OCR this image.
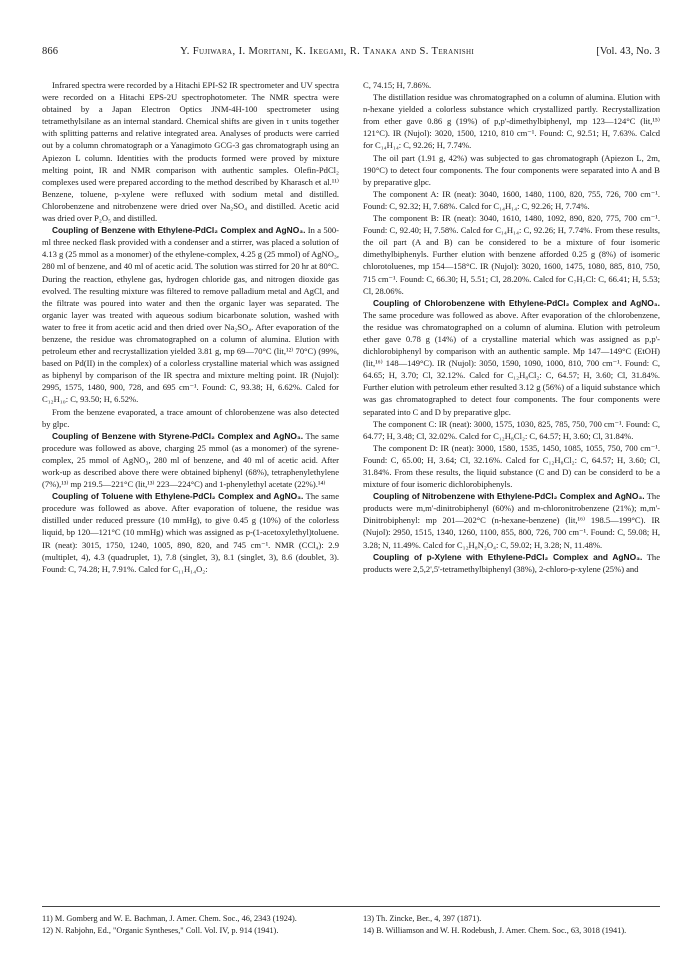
866	Y. Fujiwara, I. Moritani, K. Ikegami, R. Tanaka and S. Teranishi	[Vol. 43, No. 3

Infrared spectra were recorded by a Hitachi EPI-S2 IR spectrometer and UV spectra were recorded on a Hitachi EPS-2U spectrophotometer. The NMR spectra were obtained by a Japan Electron Optics JNM-4H-100 spectrometer using tetramethylsilane as an internal standard. Chemical shifts are given in τ units together with splitting patterns and relative integrated area. Analyses of products were carried out by a column chromatograph or a Yanagimoto GCG-3 gas chromatograph using an Apiezon L column. Identities with the products formed were proved by mixture melting point, IR and NMR comparison with authentic samples. Olefin-PdCl₂ complexes used were prepared according to the method described by Kharasch et al.¹¹⁾ Benzene, toluene, p-xylene were refluxed with sodium metal and distilled. Chlorobenzene and nitrobenzene were dried over Na₂SO₄ and distilled. Acetic acid was dried over P₂O₅ and distilled.

Coupling of Benzene with Ethylene-PdCl₂ Complex and AgNO₃. In a 500-ml three necked flask provided with a condenser and a stirrer, was placed a solution of 4.13 g (25 mmol as a monomer) of the ethylene-complex, 4.25 g (25 mmol) of AgNO₃, 280 ml of benzene, and 40 ml of acetic acid. The solution was stirred for 20 hr at 80°C. During the reaction, ethylene gas, hydrogen chloride gas, and nitrogen dioxide gas evolved. The resulting mixture was filtered to remove palladium metal and AgCl, and the filtrate was poured into water and then the organic layer was separated. The organic layer was treated with aqueous sodium bicarbonate solution, washed with water to free it from acetic acid and then dried over Na₂SO₄. After evaporation of the benzene, the residue was chromatographed on a column of alumina. Elution with petroleum ether and recrystallization yielded 3.81 g, mp 69—70°C (lit,¹²⁾ 70°C) (99%, based on Pd(II) in the complex) of a colorless crystalline material which was assigned as biphenyl by comparison of the IR spectra and mixture melting point. IR (Nujol): 2995, 1575, 1480, 900, 728, and 695 cm⁻¹. Found: C, 93.38; H, 6.62%. Calcd for C₁₂H₁₀: C, 93.50; H, 6.52%.

From the benzene evaporated, a trace amount of chlorobenzene was also detected by glpc.

Coupling of Benzene with Styrene-PdCl₂ Complex and AgNO₃. The same procedure was followed as above, charging 25 mmol (as a monomer) of the syrene-complex, 25 mmol of AgNO₃, 280 ml of benzene, and 40 ml of acetic acid. After work-up as described above there were obtained biphenyl (68%), tetraphenylethylene (7%),¹³⁾ mp 219.5—221°C (lit,¹³⁾ 223—224°C) and 1-phenylethyl acetate (22%).¹⁴⁾

Coupling of Toluene with Ethylene-PdCl₂ Complex and AgNO₃. The same procedure was followed as above. After evaporation of toluene, the residue was distilled under reduced pressure (10 mmHg), to give 0.45 g (10%) of the colorless liquid, bp 120—121°C (10 mmHg) which was assigned as p-(1-acetoxylethyl)toluene. IR (neat): 3015, 1750, 1240, 1005, 890, 820, and 745 cm⁻¹. NMR (CCl₄): 2.9 (multiplet, 4), 4.3 (quadruplet, 1), 7.8 (singlet, 3), 8.1 (singlet, 3), 8.6 (doublet, 3). Found: C, 74.28; H, 7.91%. Calcd for C₁₁H₁₄O₂:

C, 74.15; H, 7.86%.

The distillation residue was chromatographed on a column of alumina. Elution with n-hexane yielded a colorless substance which crystallized partly. Recrystallization from ether gave 0.86 g (19%) of p,p'-dimethylbiphenyl, mp 123—124°C (lit,¹⁵⁾ 121°C). IR (Nujol): 3020, 1500, 1210, 810 cm⁻¹. Found: C, 92.51; H, 7.63%. Calcd for C₁₄H₁₄: C, 92.26; H, 7.74%.

The oil part (1.91 g, 42%) was subjected to gas chromatograph (Apiezon L, 2m, 190°C) to detect four components. The four components were separated into A and B by preparative glpc.

The component A: IR (neat): 3040, 1600, 1480, 1100, 820, 755, 726, 700 cm⁻¹. Found: C, 92.32; H, 7.68%. Calcd for C₁₄H₁₄: C, 92.26; H, 7.74%.

The component B: IR (neat): 3040, 1610, 1480, 1092, 890, 820, 775, 700 cm⁻¹. Found: C, 92.40; H, 7.58%. Calcd for C₁₄H₁₄: C, 92.26; H, 7.74%. From these results, the oil part (A and B) can be considered to be a mixture of four isomeric dimethylbiphenyls. Further elution with benzene afforded 0.25 g (8%) of isomeric chlorotoluenes, mp 154—158°C. IR (Nujol): 3020, 1600, 1475, 1080, 885, 810, 750, 715 cm⁻¹. Found: C, 66.30; H, 5.51; Cl, 28.20%. Calcd for C₇H₇Cl: C, 66.41; H, 5.53; Cl, 28.06%.

Coupling of Chlorobenzene with Ethylene-PdCl₂ Complex and AgNO₃. The same procedure was followed as above. After evaporation of the chlorobenzene, the residue was chromatographed on a column of alumina. Elution with petroleum ether gave 0.78 g (14%) of a crystalline material which was assigned as p,p'-dichlorobiphenyl by comparison with an authentic sample. Mp 147—149°C (EtOH) (lit,¹⁶⁾ 148—149°C). IR (Nujol): 3050, 1590, 1090, 1000, 810, 700 cm⁻¹. Found: C, 64.65; H, 3.70; Cl, 32.12%. Calcd for C₁₂H₈Cl₂: C, 64.57; H, 3.60; Cl, 31.84%. Further elution with petroleum ether resulted 3.12 g (56%) of a liquid substance which was gas chromatographed to detect four components. The four components were separated into C and D by preparative glpc.

The component C: IR (neat): 3000, 1575, 1030, 825, 785, 750, 700 cm⁻¹. Found: C, 64.77; H, 3.48; Cl, 32.02%. Calcd for C₁₂H₈Cl₂: C, 64.57; H, 3.60; Cl, 31.84%.

The component D: IR (neat): 3000, 1580, 1535, 1450, 1085, 1055, 750, 700 cm⁻¹. Found: C, 65.00; H, 3.64; Cl, 32.16%. Calcd for C₁₂H₈Cl₂: C, 64.57; H, 3.60; Cl, 31.84%. From these results, the liquid substance (C and D) can be considerd to be a mixture of four isomeric dichlorobiphenyls.

Coupling of Nitrobenzene with Ethylene-PdCl₂ Complex and AgNO₃. The products were m,m'-dinitrobiphenyl (60%) and m-chloronitrobenzene (21%); m,m'-Dinitrobiphenyl: mp 201—202°C (n-hexane-benzene) (lit,¹⁶⁾ 198.5—199°C). IR (Nujol): 2950, 1515, 1340, 1260, 1100, 855, 800, 726, 700 cm⁻¹. Found: C, 59.08; H, 3.28; N, 11.49%. Calcd for C₁₂H₈N₂O₄: C, 59.02; H, 3.28; N, 11.48%.

Coupling of p-Xylene with Ethylene-PdCl₂ Complex and AgNO₃. The products were 2,5,2',5'-tetramethylbiphenyl (38%), 2-chloro-p-xylene (25%) and

11) M. Gomberg and W. E. Bachman, J. Amer. Chem. Soc., 46, 2343 (1924).
12) N. Rabjohn, Ed., "Organic Syntheses," Coll. Vol. IV, p. 914 (1941).
13) Th. Zincke, Ber., 4, 397 (1871).
14) B. Williamson and W. H. Rodebush, J. Amer. Chem. Soc., 63, 3018 (1941).
